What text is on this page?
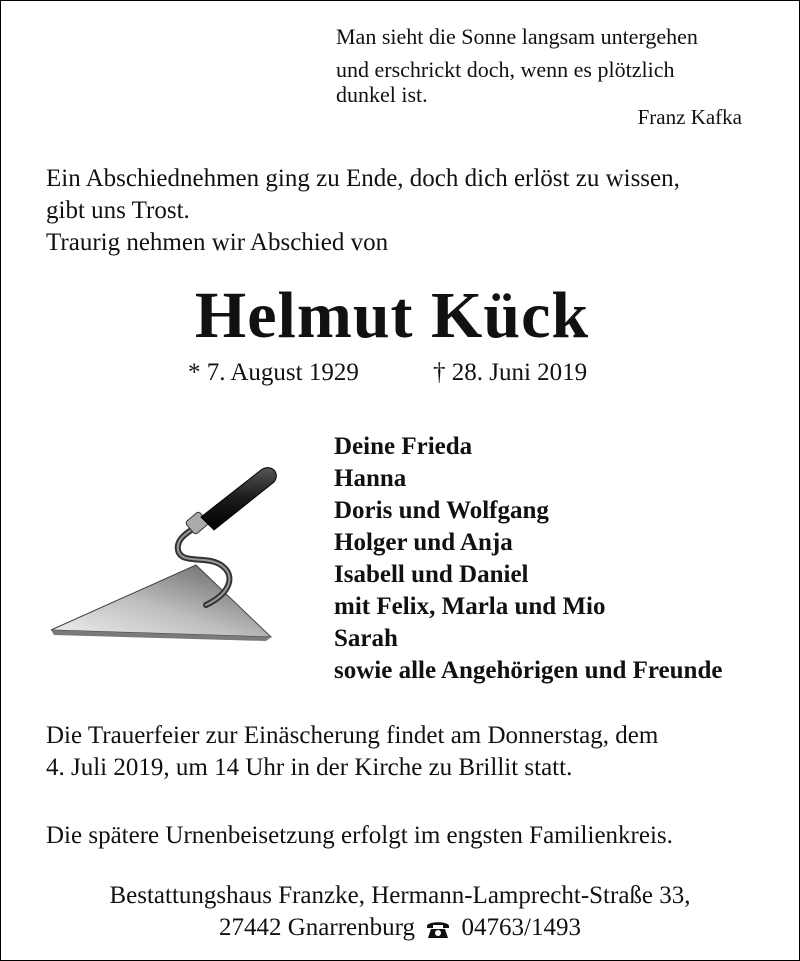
Man sieht die Sonne langsam untergehen
und erschrickt doch, wenn es plötzlich
dunkel ist.
Franz Kafka
Ein Abschiednehmen ging zu Ende, doch dich erlöst zu wissen,
gibt uns Trost.
Traurig nehmen wir Abschied von
Helmut Kück
* 7. August 1929	† 28. Juni 2019
Deine Frieda
Hanna
Doris und Wolfgang
Holger und Anja
Isabell und Daniel
mit Felix, Marla und Mio
Sarah
sowie alle Angehörigen und Freunde
Die Trauerfeier zur Einäscherung findet am Donnerstag, dem
4. Juli 2019, um 14 Uhr in der Kirche zu Brillit statt.
Die spätere Urnenbeisetzung erfolgt im engsten Familienkreis.
Bestattungshaus Franzke, Hermann-Lamprecht-Straße 33,
27442 Gnarrenburg 04763/1493
